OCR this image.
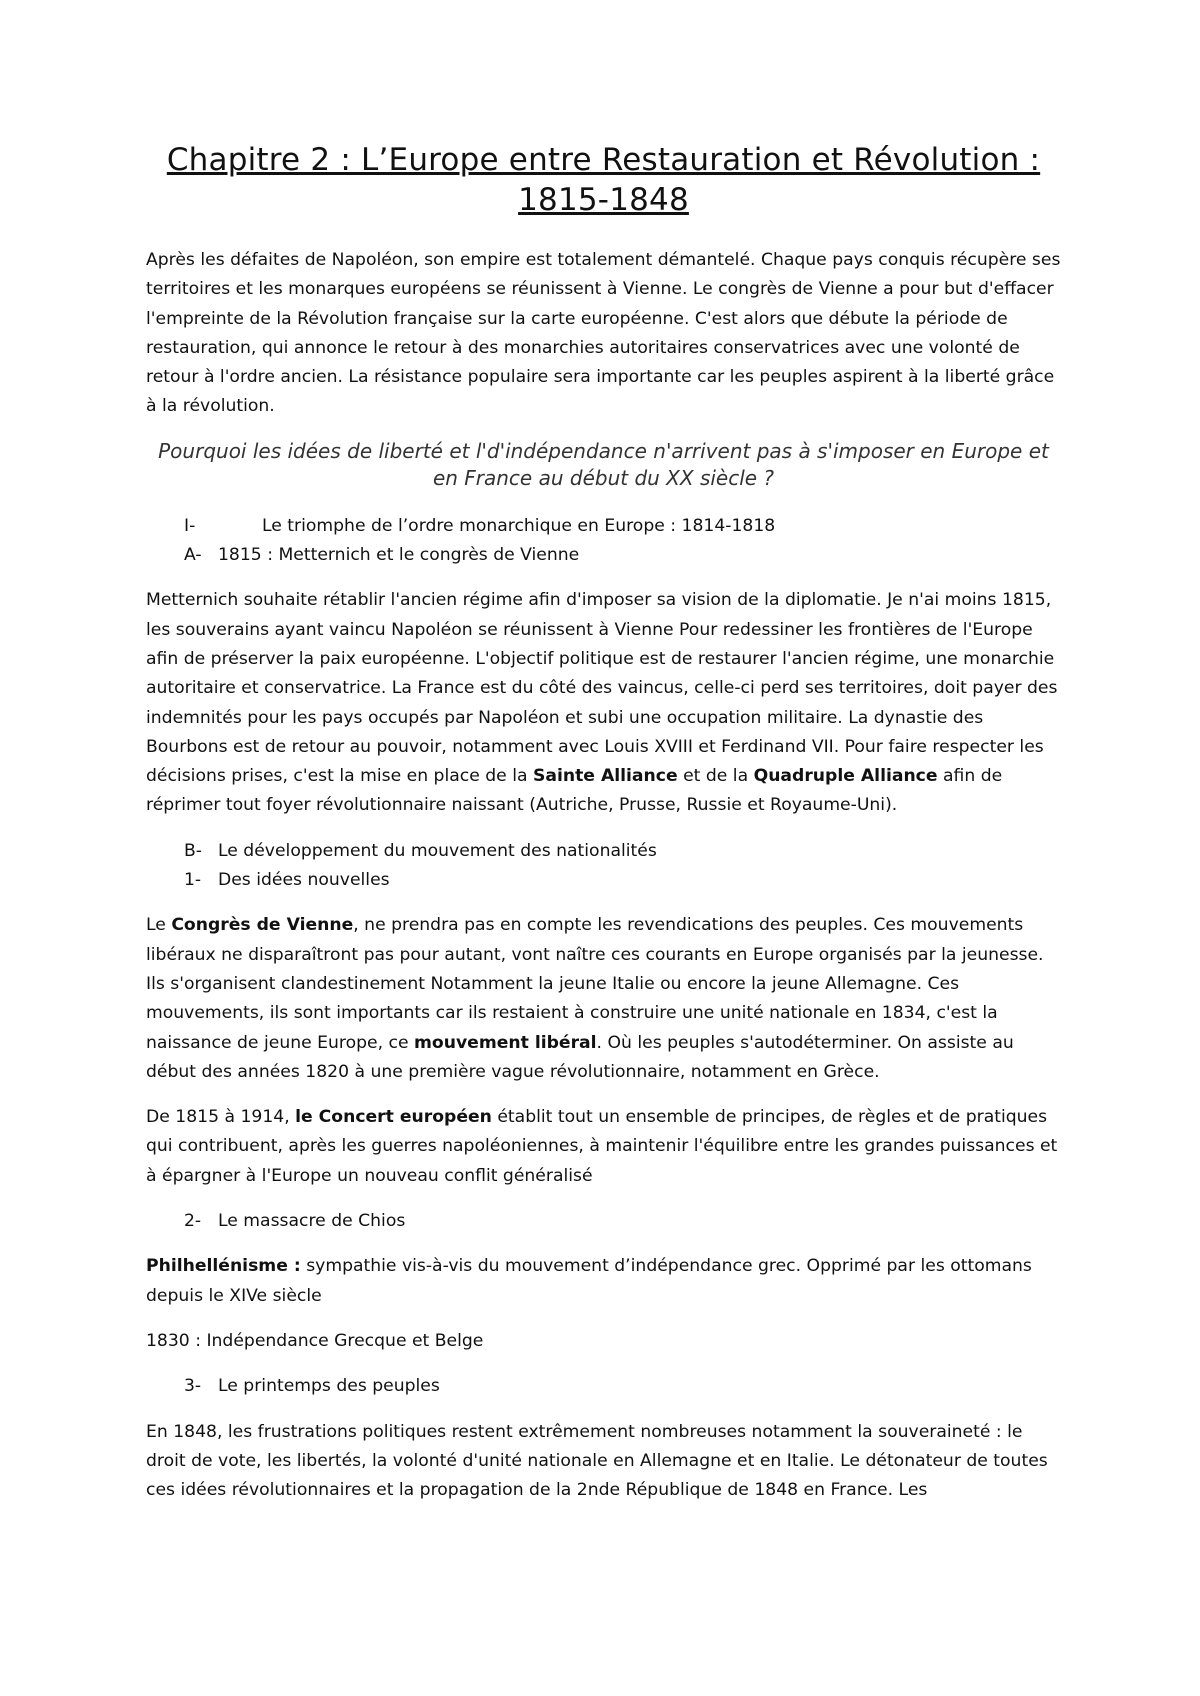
Chapitre 2 : L’Europe entre Restauration et Révolution :
1815-1848

Après les défaites de Napoléon, son empire est totalement démantelé. Chaque pays conquis récupère ses territoires et les monarques européens se réunissent à Vienne. Le congrès de Vienne a pour but d'effacer l'empreinte de la Révolution française sur la carte européenne. C'est alors que débute la période de restauration, qui annonce le retour à des monarchies autoritaires conservatrices avec une volonté de retour à l'ordre ancien. La résistance populaire sera importante car les peuples aspirent à la liberté grâce à la révolution.

Pourquoi les idées de liberté et l'd'indépendance n'arrivent pas à s'imposer en Europe et en France au début du XX siècle ?

I-	Le triomphe de l’ordre monarchique en Europe : 1814-1818
A- 1815 : Metternich et le congrès de Vienne

Metternich souhaite rétablir l'ancien régime afin d'imposer sa vision de la diplomatie. Je n'ai moins 1815, les souverains ayant vaincu Napoléon se réunissent à Vienne Pour redessiner les frontières de l'Europe afin de préserver la paix européenne. L'objectif politique est de restaurer l'ancien régime, une monarchie autoritaire et conservatrice. La France est du côté des vaincus, celle-ci perd ses territoires, doit payer des indemnités pour les pays occupés par Napoléon et subi une occupation militaire. La dynastie des Bourbons est de retour au pouvoir, notamment avec Louis XVIII et Ferdinand VII. Pour faire respecter les décisions prises, c'est la mise en place de la Sainte Alliance et de la Quadruple Alliance afin de réprimer tout foyer révolutionnaire naissant (Autriche, Prusse, Russie et Royaume-Uni).

B- Le développement du mouvement des nationalités
1- Des idées nouvelles

Le Congrès de Vienne, ne prendra pas en compte les revendications des peuples. Ces mouvements libéraux ne disparaîtront pas pour autant, vont naître ces courants en Europe organisés par la jeunesse. Ils s'organisent clandestinement Notamment la jeune Italie ou encore la jeune Allemagne. Ces mouvements, ils sont importants car ils restaient à construire une unité nationale en 1834, c'est la naissance de jeune Europe, ce mouvement libéral. Où les peuples s'autodéterminer. On assiste au début des années 1820 à une première vague révolutionnaire, notamment en Grèce.

De 1815 à 1914, le Concert européen établit tout un ensemble de principes, de règles et de pratiques qui contribuent, après les guerres napoléoniennes, à maintenir l'équilibre entre les grandes puissances et à épargner à l'Europe un nouveau conflit généralisé

2- Le massacre de Chios

Philhellénisme : sympathie vis-à-vis du mouvement d’indépendance grec. Opprimé par les ottomans depuis le XIVe siècle

1830 : Indépendance Grecque et Belge

3- Le printemps des peuples

En 1848, les frustrations politiques restent extrêmement nombreuses notamment la souveraineté : le droit de vote, les libertés, la volonté d'unité nationale en Allemagne et en Italie. Le détonateur de toutes ces idées révolutionnaires et la propagation de la 2nde République de 1848 en France. Les
